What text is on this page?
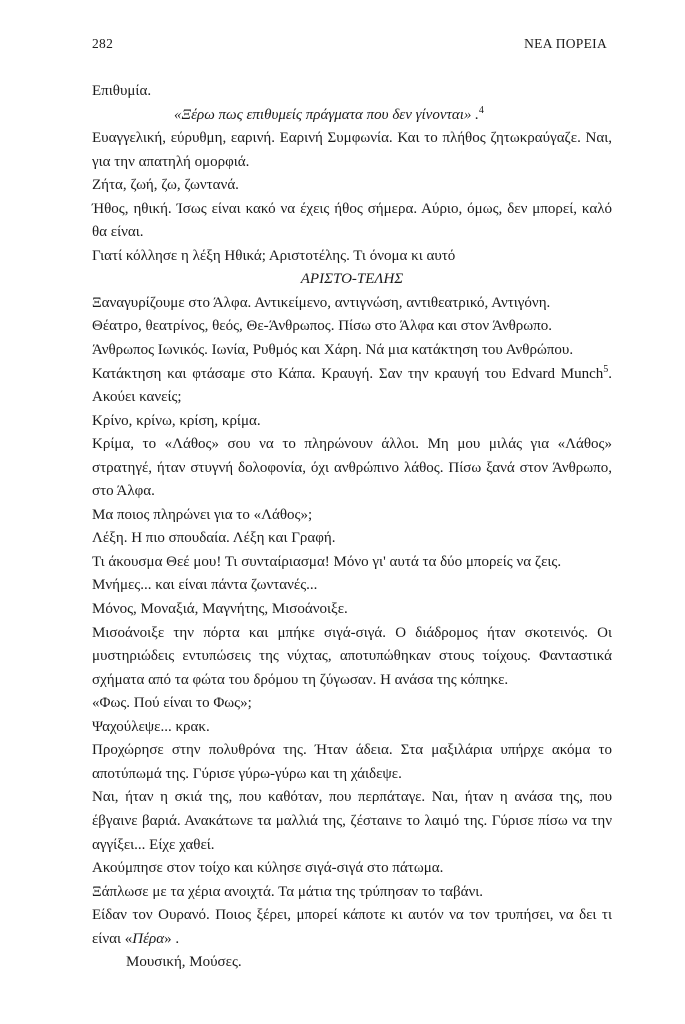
282	ΝΕΑ ΠΟΡΕΙΑ

Επιθυμία.

«Ξέρω πως επιθυμείς πράγματα που δεν γίνονται» .$^4$

Ευαγγελική, εύρυθμη, εαρινή. Εαρινή Συμφωνία. Και το πλήθος ζητωκραύγαζε. Ναι, για την απατηλή ομορφιά.

Ζήτα, ζωή, ζω, ζωντανά.

Ήθος, ηθική. Ίσως είναι κακό να έχεις ήθος σήμερα. Αύριο, όμως, δεν μπορεί, καλό θα είναι.

Γιατί κόλλησε η λέξη Ηθικά; Αριστοτέλης. Τι όνομα κι αυτό

ΑΡΙΣΤΟ-ΤΕΛΗΣ

Ξαναγυρίζουμε στο Άλφα. Αντικείμενο, αντιγνώση, αντιθεατρικό, Αντιγόνη.

Θέατρο, θεατρίνος, θεός, Θε-Άνθρωπος. Πίσω στο Άλφα και στον Άνθρωπο.

Άνθρωπος Ιωνικός. Ιωνία, Ρυθμός και Χάρη. Νά μια κατάκτηση του Ανθρώπου.

Κατάκτηση και φτάσαμε στο Κάπα. Κραυγή. Σαν την κραυγή του Edvard Munch$^5$. Ακούει κανείς;

Κρίνο, κρίνω, κρίση, κρίμα.

Κρίμα, το «Λάθος» σου να το πληρώνουν άλλοι. Μη μου μιλάς για «Λάθος» στρατηγέ, ήταν στυγνή δολοφονία, όχι ανθρώπινο λάθος. Πίσω ξανά στον Άνθρωπο, στο Άλφα.

Μα ποιος πληρώνει για το «Λάθος»;

Λέξη. Η πιο σπουδαία. Λέξη και Γραφή.

Τι άκουσμα Θεέ μου! Τι συνταίριασμα! Μόνο γι' αυτά τα δύο μπορείς να ζεις.

Μνήμες... και είναι πάντα ζωντανές...

Μόνος, Μοναξιά, Μαγνήτης, Μισοάνοιξε.

Μισοάνοιξε την πόρτα και μπήκε σιγά-σιγά. Ο διάδρομος ήταν σκοτεινός. Οι μυστηριώδεις εντυπώσεις της νύχτας, αποτυπώθηκαν στους τοίχους. Φανταστικά σχήματα από τα φώτα του δρόμου τη ζύγωσαν. Η ανάσα της κόπηκε.

«Φως. Πού είναι το Φως»;

Ψαχούλεψε... κρακ.

Προχώρησε στην πολυθρόνα της. Ήταν άδεια. Στα μαξιλάρια υπήρχε ακόμα το αποτύπωμά της. Γύρισε γύρω-γύρω και τη χάιδεψε.

Ναι, ήταν η σκιά της, που καθόταν, που περπάταγε. Ναι, ήταν η ανάσα της, που έβγαινε βαριά. Ανακάτωνε τα μαλλιά της, ζέσταινε το λαιμό της. Γύρισε πίσω να την αγγίξει... Είχε χαθεί.

Ακούμπησε στον τοίχο και κύλησε σιγά-σιγά στο πάτωμα.

Ξάπλωσε με τα χέρια ανοιχτά. Τα μάτια της τρύπησαν το ταβάνι.

Είδαν τον Ουρανό. Ποιος ξέρει, μπορεί κάποτε κι αυτόν να τον τρυπήσει, να δει τι είναι «Πέρα» .

Μουσική, Μούσες.
